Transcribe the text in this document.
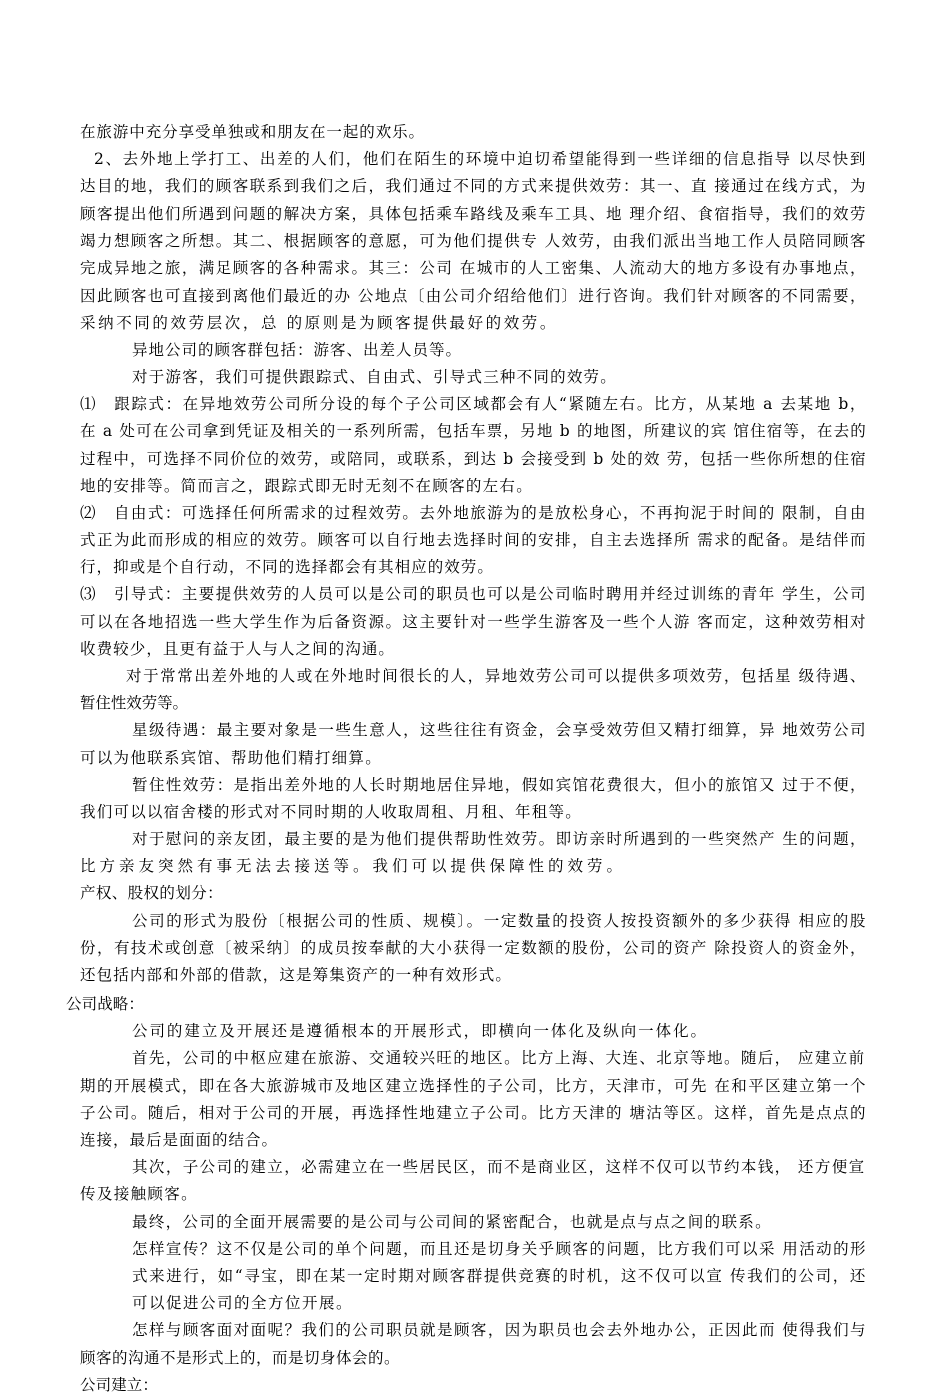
在旅游中充分享受单独或和朋友在一起的欢乐。
2、去外地上学打工、出差的人们，他们在陌生的环境中迫切希望能得到一些详细的信息指导 以尽快到
达目的地，我们的顾客联系到我们之后，我们通过不同的方式来提供效劳：其一、直 接通过在线方式，为
顾客提出他们所遇到问题的解决方案，具体包括乘车路线及乘车工具、地 理介绍、食宿指导，我们的效劳
竭力想顾客之所想。其二、根据顾客的意愿，可为他们提供专 人效劳，由我们派出当地工作人员陪同顾客
完成异地之旅，满足顾客的各种需求。其三：公司 在城市的人工密集、人流动大的地方多设有办事地点，
因此顾客也可直接到离他们最近的办 公地点〔由公司介绍给他们〕进行咨询。我们针对顾客的不同需要，
采纳不同的效劳层次，总 的原则是为顾客提供最好的效劳。
异地公司的顾客群包括：游客、出差人员等。
对于游客，我们可提供跟踪式、自由式、引导式三种不同的效劳。
⑴　跟踪式：在异地效劳公司所分设的每个子公司区域都会有人“紧随左右。比方，从某地 a 去某地 b，
在 a 处可在公司拿到凭证及相关的一系列所需，包括车票，另地 b 的地图，所建议的宾 馆住宿等，在去的
过程中，可选择不同价位的效劳，或陪同，或联系，到达 b 会接受到 b 处的效 劳，包括一些你所想的住宿
地的安排等。简而言之，跟踪式即无时无刻不在顾客的左右。
⑵　自由式：可选择任何所需求的过程效劳。去外地旅游为的是放松身心，不再拘泥于时间的 限制，自由
式正为此而形成的相应的效劳。顾客可以自行地去选择时间的安排，自主去选择所 需求的配备。是结伴而
行，抑或是个自行动，不同的选择都会有其相应的效劳。
⑶　引导式：主要提供效劳的人员可以是公司的职员也可以是公司临时聘用并经过训练的青年 学生，公司
可以在各地招选一些大学生作为后备资源。这主要针对一些学生游客及一些个人游 客而定，这种效劳相对
收费较少，且更有益于人与人之间的沟通。
对于常常出差外地的人或在外地时间很长的人，异地效劳公司可以提供多项效劳，包括星 级待遇、
暂住性效劳等。
星级待遇：最主要对象是一些生意人，这些往往有资金，会享受效劳但又精打细算，异 地效劳公司
可以为他联系宾馆、帮助他们精打细算。
暂住性效劳：是指出差外地的人长时期地居住异地，假如宾馆花费很大，但小的旅馆又 过于不便，
我们可以以宿舍楼的形式对不同时期的人收取周租、月租、年租等。
对于慰问的亲友团，最主要的是为他们提供帮助性效劳。即访亲时所遇到的一些突然产 生的问题，
比方亲友突然有事无法去接送等。我们可以提供保障性的效劳。
产权、股权的划分：
公司的形式为股份〔根据公司的性质、规模〕。一定数量的投资人按投资额外的多少获得 相应的股
份，有技术或创意〔被采纳〕的成员按奉献的大小获得一定数额的股份，公司的资产 除投资人的资金外，
还包括内部和外部的借款，这是筹集资产的一种有效形式。
公司战略：
公司的建立及开展还是遵循根本的开展形式，即横向一体化及纵向一体化。
首先，公司的中枢应建在旅游、交通较兴旺的地区。比方上海、大连、北京等地。随后， 应建立前
期的开展模式，即在各大旅游城市及地区建立选择性的子公司，比方，天津市，可先 在和平区建立第一个
子公司。随后，相对于公司的开展，再选择性地建立子公司。比方天津的 塘沽等区。这样，首先是点点的
连接，最后是面面的结合。
其次，子公司的建立，必需建立在一些居民区，而不是商业区，这样不仅可以节约本钱， 还方便宣
传及接触顾客。
最终，公司的全面开展需要的是公司与公司间的紧密配合，也就是点与点之间的联系。
怎样宣传？这不仅是公司的单个问题，而且还是切身关乎顾客的问题，比方我们可以采 用活动的形
式来进行，如“寻宝，即在某一定时期对顾客群提供竞赛的时机，这不仅可以宣 传我们的公司，还
可以促进公司的全方位开展。
怎样与顾客面对面呢？我们的公司职员就是顾客，因为职员也会去外地办公，正因此而 使得我们与
顾客的沟通不是形式上的，而是切身体会的。
公司建立：
